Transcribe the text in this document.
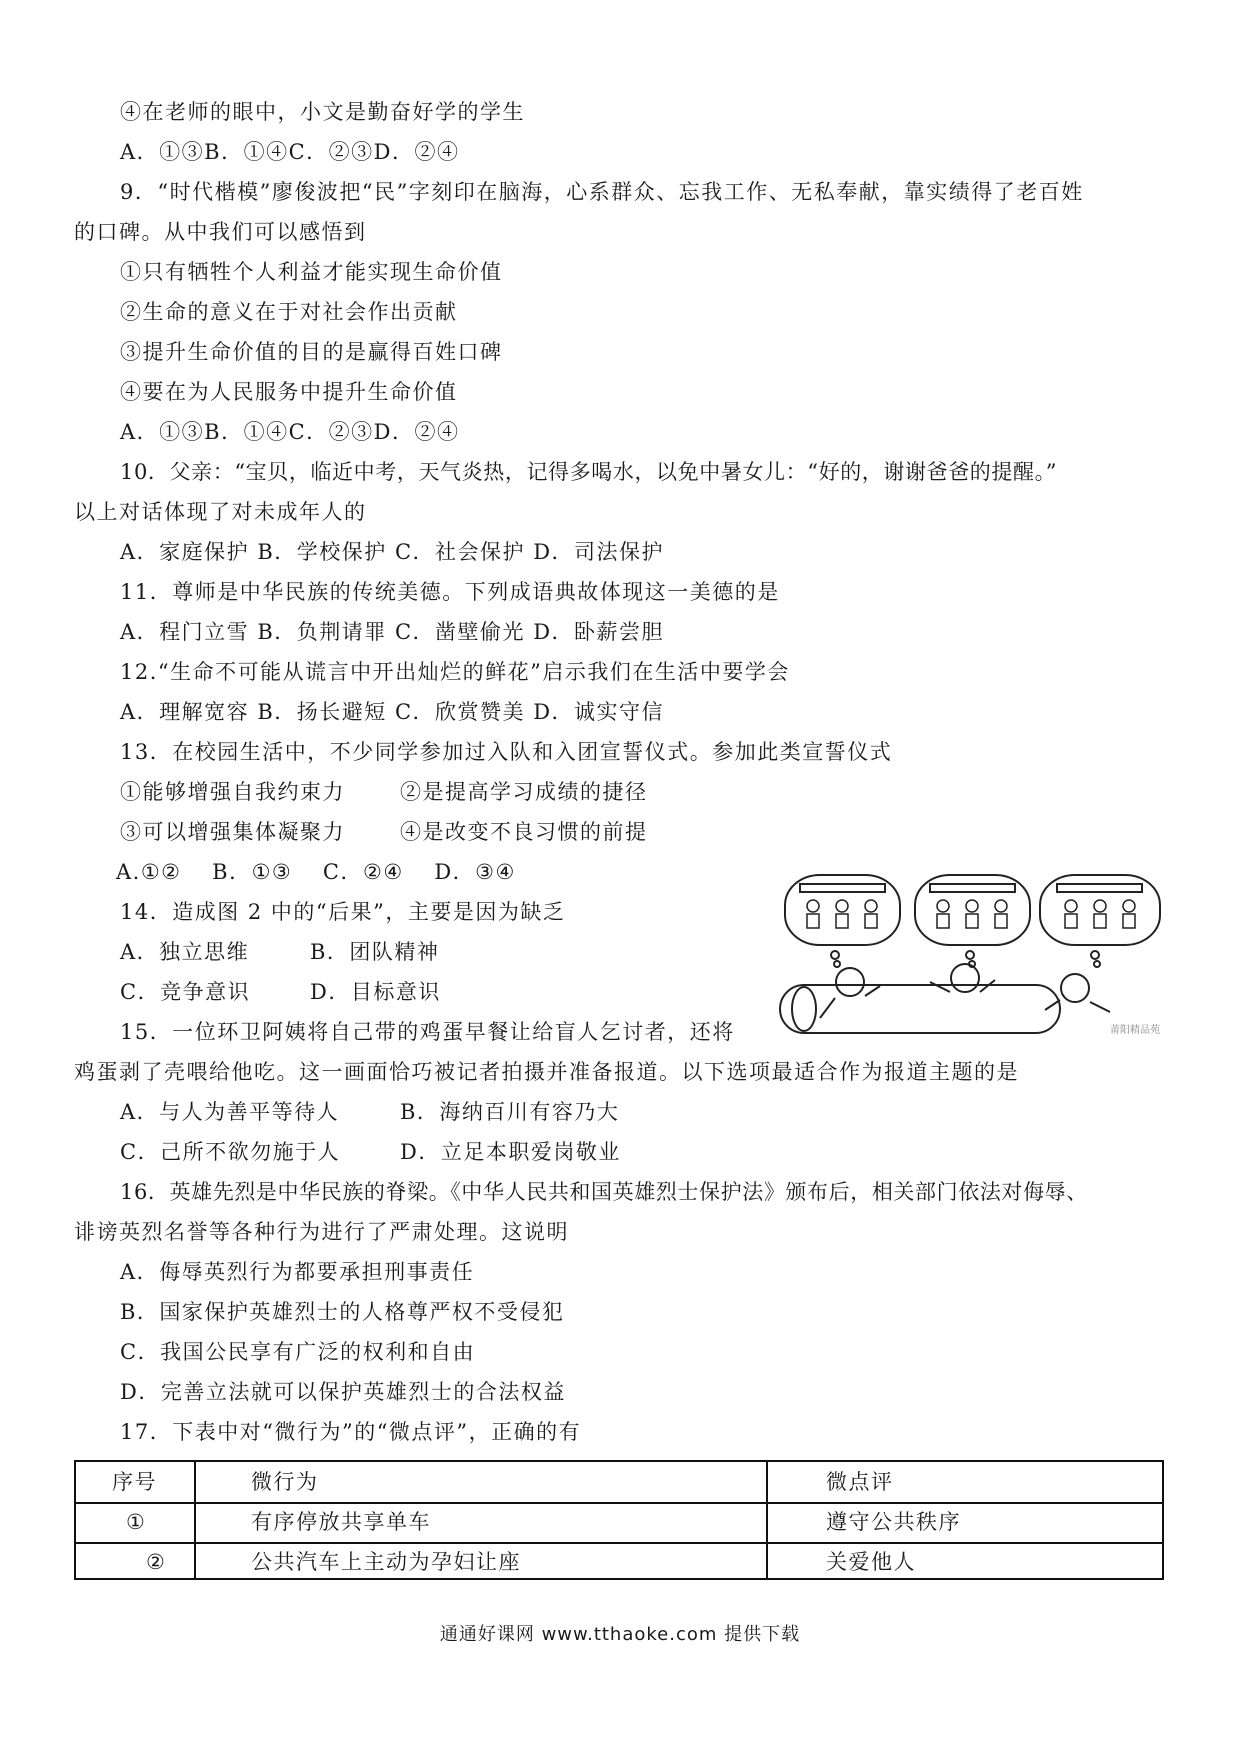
④在老师的眼中，小文是勤奋好学的学生
A．①③B．①④C．②③D．②④
9．“时代楷模”廖俊波把“民”字刻印在脑海，心系群众、忘我工作、无私奉献，靠实绩得了老百姓
的口碑。从中我们可以感悟到
①只有牺牲个人利益才能实现生命价值
②生命的意义在于对社会作出贡献
③提升生命价值的目的是赢得百姓口碑
④要在为人民服务中提升生命价值
A．①③B．①④C．②③D．②④
10．父亲：“宝贝，临近中考，天气炎热，记得多喝水，以免中暑女儿：“好的，谢谢爸爸的提醒。”
以上对话体现了对未成年人的
A．家庭保护 B．学校保护 C．社会保护 D．司法保护
11．尊师是中华民族的传统美德。下列成语典故体现这一美德的是
A．程门立雪 B．负荆请罪 C．凿壁偷光 D．卧薪尝胆
12.“生命不可能从谎言中开出灿烂的鲜花”启示我们在生活中要学会
A．理解宽容 B．扬长避短 C．欣赏赞美 D．诚实守信
13．在校园生活中，不少同学参加过入队和入团宣誓仪式。参加此类宣誓仪式
①能够增强自我约束力	②是提高学习成绩的捷径
③可以增强集体凝聚力	④是改变不良习惯的前提
A.①②　 B．①③　 C．②④　 D．③④
14．造成图 2 中的“后果”，主要是因为缺乏
A．独立思维	B．团队精神
C．竞争意识	D．目标意识
15．一位环卫阿姨将自己带的鸡蛋早餐让给盲人乞讨者，还将
鸡蛋剥了壳喂给他吃。这一画面恰巧被记者拍摄并准备报道。以下选项最适合作为报道主题的是
A．与人为善平等待人	B．海纳百川有容乃大
C．己所不欲勿施于人	D．立足本职爱岗敬业
16．英雄先烈是中华民族的脊梁。《中华人民共和国英雄烈士保护法》颁布后，相关部门依法对侮辱、
诽谤英烈名誉等各种行为进行了严肃处理。这说明
A．侮辱英烈行为都要承担刑事责任
B．国家保护英雄烈士的人格尊严权不受侵犯
C．我国公民享有广泛的权利和自由
D．完善立法就可以保护英雄烈士的合法权益
17．下表中对“微行为”的“微点评”，正确的有
莆阳精品苑
序号	微行为	微点评
①	有序停放共享单车	遵守公共秩序
②	公共汽车上主动为孕妇让座	关爱他人
通通好课网 www.tthaoke.com 提供下载
